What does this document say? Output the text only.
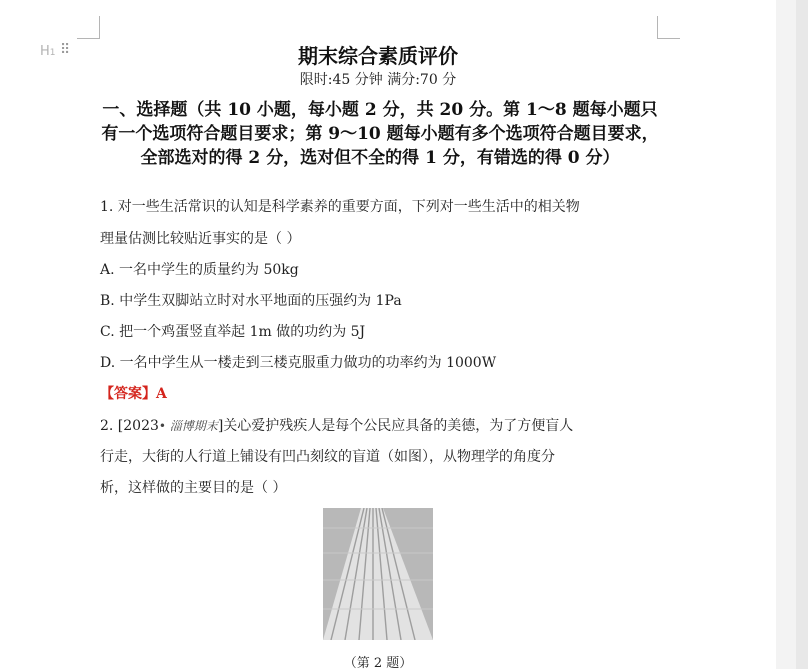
H1 ⠿	期末综合素质评价
限时:45 分钟 满分:70 分
一、选择题（共 10 小题，每小题 2 分，共 20 分。第 1～8 题每小题只有一个选项符合题目要求；第 9～10 题每小题有多个选项符合题目要求，全部选对的得 2 分，选对但不全的得 1 分，有错选的得 0 分）
1. 对一些生活常识的认知是科学素养的重要方面，下列对一些生活中的相关物
理量估测比较贴近事实的是（ ）
A. 一名中学生的质量约为 50kg
B. 中学生双脚站立时对水平地面的压强约为 1Pa
C. 把一个鸡蛋竖直举起 1m 做的功约为 5J
D. 一名中学生从一楼走到三楼克服重力做功的功率约为 1000W
【答案】A
2. [2023• 淄博期末]关心爱护残疾人是每个公民应具备的美德，为了方便盲人
行走，大街的人行道上铺设有凹凸刻纹的盲道（如图），从物理学的角度分
析，这样做的主要目的是（ ）
（第 2 题）
